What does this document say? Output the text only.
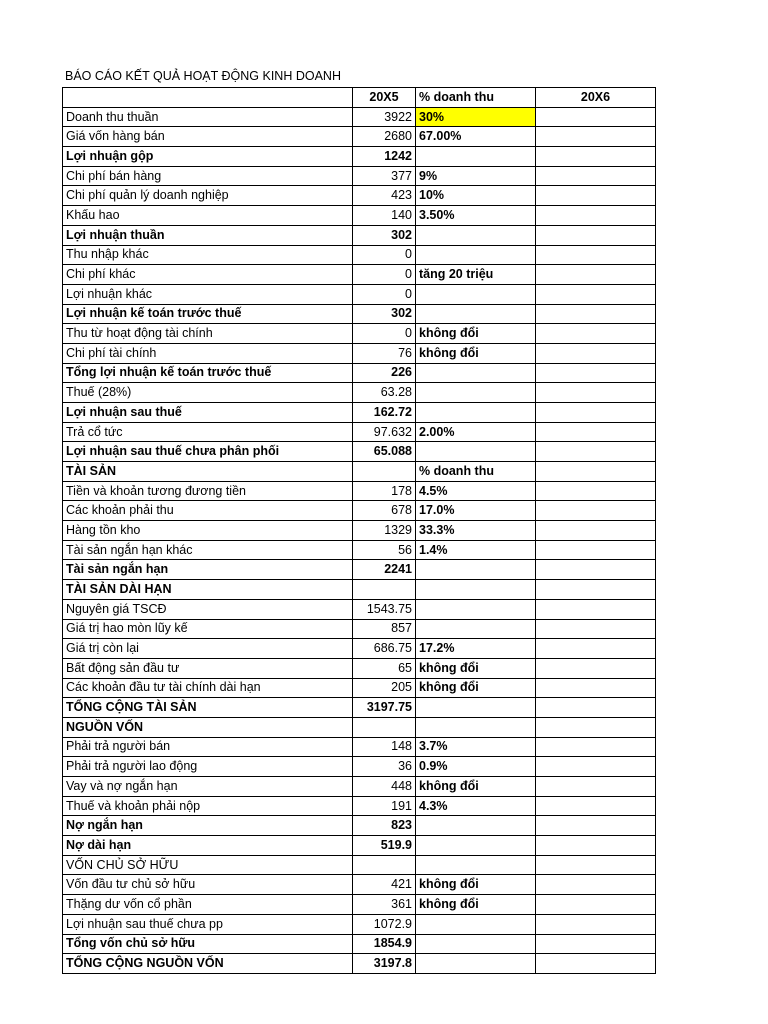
BÁO CÁO KẾT QUẢ HOẠT ĐỘNG KINH DOANH
	20X5	% doanh thu	20X6
Doanh thu thuần	3922	30%	
Giá vốn hàng bán	2680	67.00%	
Lợi nhuận gộp	1242		
Chi phí bán hàng	377	9%	
Chi phí quản lý doanh nghiệp	423	10%	
Khấu hao	140	3.50%	
Lợi nhuận thuần	302		
Thu nhập khác	0		
Chi phí khác	0	tăng 20 triệu	
Lợi nhuận khác	0		
Lợi nhuận kế toán trước thuế	302		
Thu từ hoạt động tài chính	0	không đổi	
Chi phí tài chính	76	không đổi	
Tổng lợi nhuận kế toán trước thuế	226		
Thuế (28%)	63.28		
Lợi nhuận sau thuế	162.72		
Trả cổ tức	97.632	2.00%	
Lợi nhuận sau thuế chưa phân phối	65.088		
TÀI SẢN		% doanh thu	
Tiền và khoản tương đương tiền	178	4.5%	
Các khoản phải thu	678	17.0%	
Hàng tồn kho	1329	33.3%	
Tài sản ngắn hạn khác	56	1.4%	
Tài sản ngắn hạn	2241		
TÀI SẢN DÀI HẠN			
Nguyên giá TSCĐ	1543.75		
Giá trị hao mòn lũy kế	857		
Giá trị còn lại	686.75	17.2%	
Bất động sản đầu tư	65	không đổi	
Các khoản đầu tư tài chính dài hạn	205	không đổi	
TỔNG CỘNG TÀI SẢN	3197.75		
NGUỒN VỐN			
Phải trả người bán	148	3.7%	
Phải trả người lao động	36	0.9%	
Vay và nợ ngắn hạn	448	không đổi	
Thuế và khoản phải nộp	191	4.3%	
Nợ ngắn hạn	823		
Nợ dài hạn	519.9		
VỐN CHỦ SỞ HỮU			
Vốn đầu tư chủ sở hữu	421	không đổi	
Thặng dư vốn cổ phần	361	không đổi	
Lợi nhuận sau thuế chưa pp	1072.9		
Tổng vốn chủ sở hữu	1854.9		
TỔNG CỘNG NGUỒN VỐN	3197.8		
